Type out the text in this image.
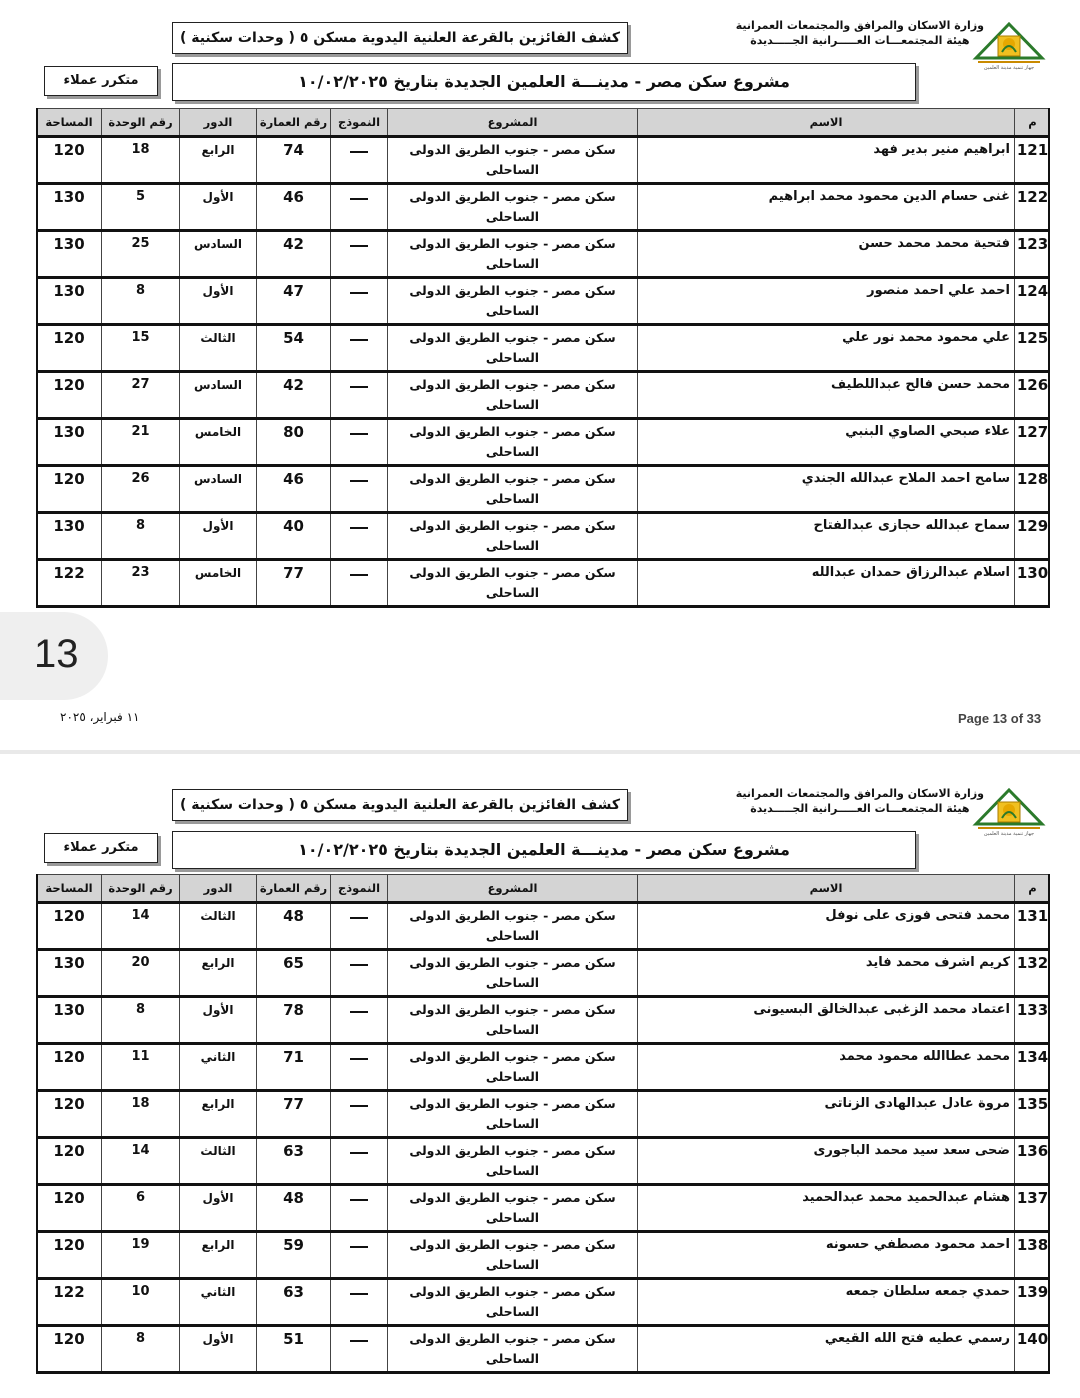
جهاز تنمية مدينة العلمين
وزارة الاسكان والمرافق والمجتمعات العمرانية
هيئة المجتمعـــات العـــــرانية الجـــــديدة
كشف الفائزين بالقرعة العلنية اليدوية مسكن ٥ ( وحدات سكنية )
مشروع سكن مصر - مدينـــة العلمين الجديدة بتاريخ ١٠/٠٢/٢٠٢٥
متكرر عملاء
م
الاسم
المشروع
النموذج
رقم العمارة
الدور
رقم الوحدة
المساحة
121
ابراهيم منير بدير فهد
سكن مصر - جنوب الطريق الدولى الساحلى
74
الرابع
18
120
122
غنى حسام الدين محمود محمد ابراهيم
سكن مصر - جنوب الطريق الدولى الساحلى
46
الأول
5
130
123
فتحية محمد محمد حسن
سكن مصر - جنوب الطريق الدولى الساحلى
42
السادس
25
130
124
احمد علي احمد منصور
سكن مصر - جنوب الطريق الدولى الساحلى
47
الأول
8
130
125
علي محمود محمد نور علي
سكن مصر - جنوب الطريق الدولى الساحلى
54
الثالث
15
120
126
محمد حسن فالح عبداللطيف
سكن مصر - جنوب الطريق الدولى الساحلى
42
السادس
27
120
127
علاء صبحي الصاوي البنبي
سكن مصر - جنوب الطريق الدولى الساحلى
80
الخامس
21
130
128
سامح احمد الملاح عبدالله الجندي
سكن مصر - جنوب الطريق الدولى الساحلى
46
السادس
26
120
129
سماح عبدالله حجازى عبدالفتاح
سكن مصر - جنوب الطريق الدولى الساحلى
40
الأول
8
130
130
اسلام عبدالرزاق حمدان عبدالله
سكن مصر - جنوب الطريق الدولى الساحلى
77
الخامس
23
122
13
١١ فبراير، ٢٠٢٥	Page 13 of 33
جهاز تنمية مدينة العلمين
وزارة الاسكان والمرافق والمجتمعات العمرانية
هيئة المجتمعـــات العـــــرانية الجـــــديدة
كشف الفائزين بالقرعة العلنية اليدوية مسكن ٥ ( وحدات سكنية )
مشروع سكن مصر - مدينـــة العلمين الجديدة بتاريخ ١٠/٠٢/٢٠٢٥
متكرر عملاء
م
الاسم
المشروع
النموذج
رقم العمارة
الدور
رقم الوحدة
المساحة
131
محمد فتحى فوزى على نوفل
سكن مصر - جنوب الطريق الدولى الساحلى
48
الثالث
14
120
132
كريم اشرف محمد فايد
سكن مصر - جنوب الطريق الدولى الساحلى
65
الرابع
20
130
133
اعتماد محمد الزغبى عبدالخالق البسيونى
سكن مصر - جنوب الطريق الدولى الساحلى
78
الأول
8
130
134
محمد عطاالله محمود محمد
سكن مصر - جنوب الطريق الدولى الساحلى
71
الثاني
11
120
135
مروة عادل عبدالهادى الزناتى
سكن مصر - جنوب الطريق الدولى الساحلى
77
الرابع
18
120
136
ضحى سعد سيد محمد الباجورى
سكن مصر - جنوب الطريق الدولى الساحلى
63
الثالث
14
120
137
هشام عبدالحميد محمد عبدالحميد
سكن مصر - جنوب الطريق الدولى الساحلى
48
الأول
6
120
138
احمد محمود مصطفي حسونه
سكن مصر - جنوب الطريق الدولى الساحلى
59
الرابع
19
120
139
حمدي جمعه سلطان جمعه
سكن مصر - جنوب الطريق الدولى الساحلى
63
الثاني
10
122
140
رسمي عطيه فتح الله القيعي
سكن مصر - جنوب الطريق الدولى الساحلى
51
الأول
8
120
